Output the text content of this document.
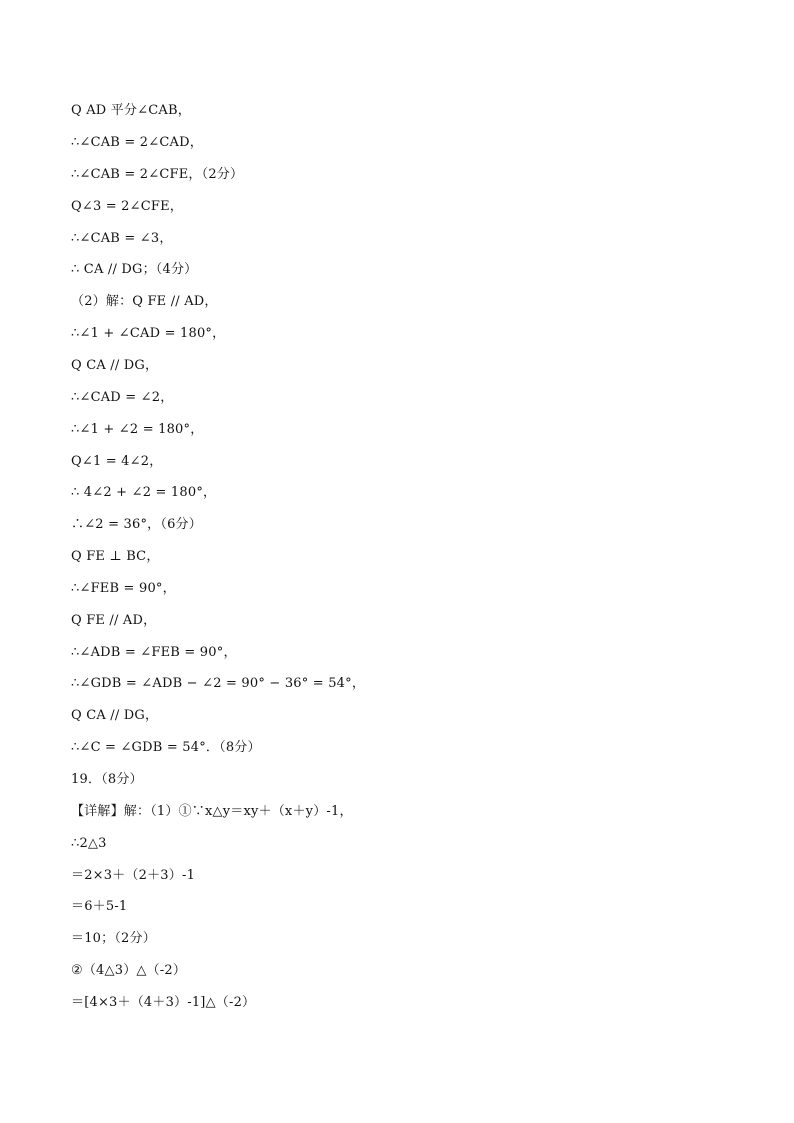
Q AD 平分∠CAB，
∴∠CAB = 2∠CAD，
∴∠CAB = 2∠CFE，（2分）
Q∠3 = 2∠CFE，
∴∠CAB = ∠3，
∴ CA // DG；（4分）
（2）解：Q FE // AD，
∴∠1 + ∠CAD = 180°，
Q CA // DG，
∴∠CAD = ∠2，
∴∠1 + ∠2 = 180°，
Q∠1 = 4∠2，
∴ 4∠2 + ∠2 = 180°，
∴∠2 = 36°，（6分）
Q FE ⊥ BC，
∴∠FEB = 90°，
Q FE // AD，
∴∠ADB = ∠FEB = 90°，
∴∠GDB = ∠ADB − ∠2 = 90° − 36° = 54°，
Q CA // DG，
∴∠C = ∠GDB = 54°．（8分）
19．（8分）
【详解】解：（1）①∵x△y＝xy＋（x＋y）-1，
∴2△3
＝2×3＋（2＋3）-1
＝6＋5-1
＝10；（2分）
②（4△3）△（-2）
＝[4×3＋（4＋3）-1]△（-2）
